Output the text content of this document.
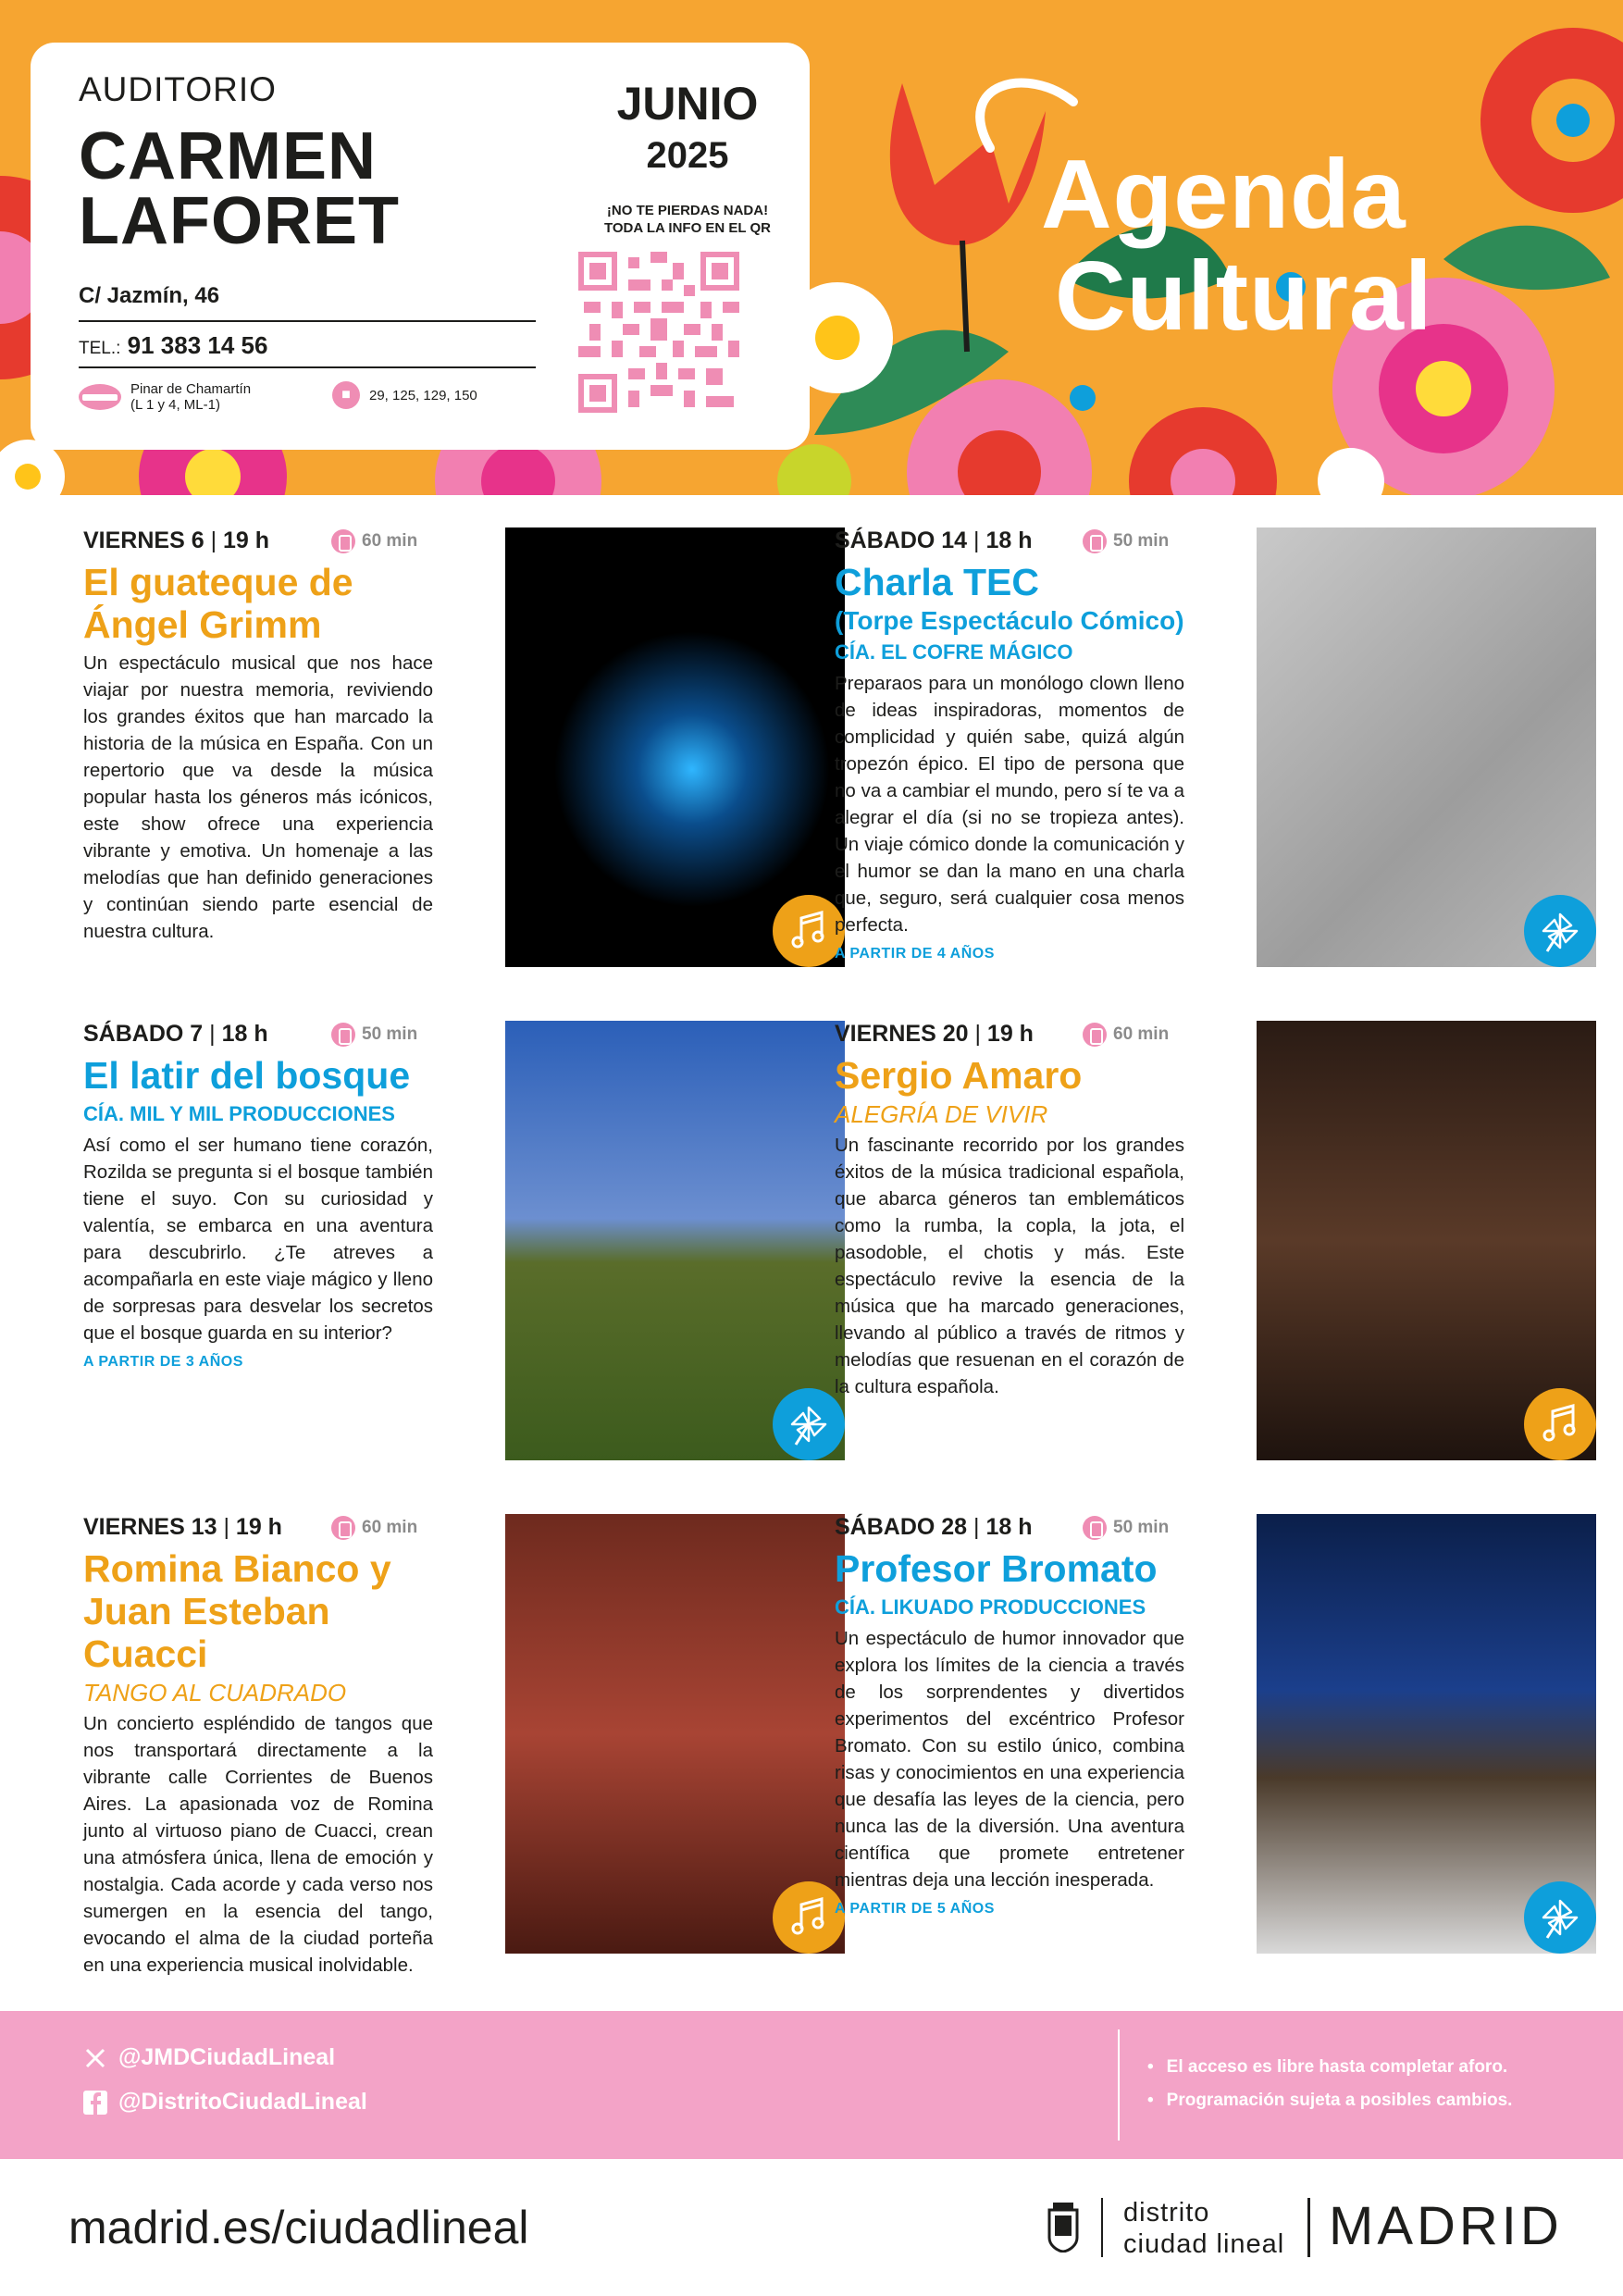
AUDITORIO
CARMEN
LAFORET
C/ Jazmín, 46
TEL.: 91 383 14 56
Pinar de Chamartín
(L 1 y 4, ML-1)
■	29, 125, 129, 150
JUNIO
2025
¡NO TE PIERDAS NADA!
TODA LA INFO EN EL QR	Agenda
Cultural
VIERNES 6 | 19 h	60 min
El guateque de
Ángel Grimm
Un espectáculo musical que nos hace viajar por nuestra memoria, reviviendo los grandes éxitos que han marcado la historia de la música en España. Con un repertorio que va desde la música popular hasta los géneros más icónicos, este show ofrece una experiencia vibrante y emotiva. Un homenaje a las melodías que han definido generaciones y continúan siendo parte esencial de nuestra cultura.
SÁBADO 14 | 18 h	50 min
Charla TEC
(Torpe Espectáculo Cómico)
CÍA. EL COFRE MÁGICO
Preparaos para un monólogo clown lleno de ideas inspiradoras, momentos de complicidad y quién sabe, quizá algún tropezón épico. El tipo de persona que no va a cambiar el mundo, pero sí te va a alegrar el día (si no se tropieza antes). Un viaje cómico donde la comunicación y el humor se dan la mano en una charla que, seguro, será cualquier cosa menos perfecta.
A PARTIR DE 4 AÑOS
SÁBADO 7 | 18 h	50 min
El latir del bosque
CÍA. MIL Y MIL PRODUCCIONES
Así como el ser humano tiene corazón, Rozilda se pregunta si el bosque también tiene el suyo. Con su curiosidad y valentía, se embarca en una aventura para descubrirlo. ¿Te atreves a acompañarla en este viaje mágico y lleno de sorpresas para desvelar los secretos que el bosque guarda en su interior?
A PARTIR DE 3 AÑOS
VIERNES 20 | 19 h	60 min
Sergio Amaro
ALEGRÍA DE VIVIR
Un fascinante recorrido por los grandes éxitos de la música tradicional española, que abarca géneros tan emblemáticos como la rumba, la copla, la jota, el pasodoble, el chotis y más. Este espectáculo revive la esencia de la música que ha marcado generaciones, llevando al público a través de ritmos y melodías que resuenan en el corazón de la cultura española.
VIERNES 13 | 19 h	60 min
Romina Bianco y
Juan Esteban Cuacci
TANGO AL CUADRADO
Un concierto espléndido de tangos que nos transportará directamente a la vibrante calle Corrientes de Buenos Aires. La apasionada voz de Romina junto al virtuoso piano de Cuacci, crean una atmósfera única, llena de emoción y nostalgia. Cada acorde y cada verso nos sumergen en la esencia del tango, evocando el alma de la ciudad porteña en una experiencia musical inolvidable.
SÁBADO 28 | 18 h	50 min
Profesor Bromato
CÍA. LIKUADO PRODUCCIONES
Un espectáculo de humor innovador que explora los límites de la ciencia a través de los sorprendentes y divertidos experimentos del excéntrico Profesor Bromato. Con su estilo único, combina risas y conocimientos en una experiencia que desafía las leyes de la ciencia, pero nunca las de la diversión. Una aventura científica que promete entretener mientras deja una lección inesperada.
A PARTIR DE 5 AÑOS
@JMDCiudadLineal
@DistritoCiudadLineal
• El acceso es libre hasta completar aforo.
• Programación sujeta a posibles cambios.
madrid.es/ciudadlineal	distrito
ciudad lineal MADRID
